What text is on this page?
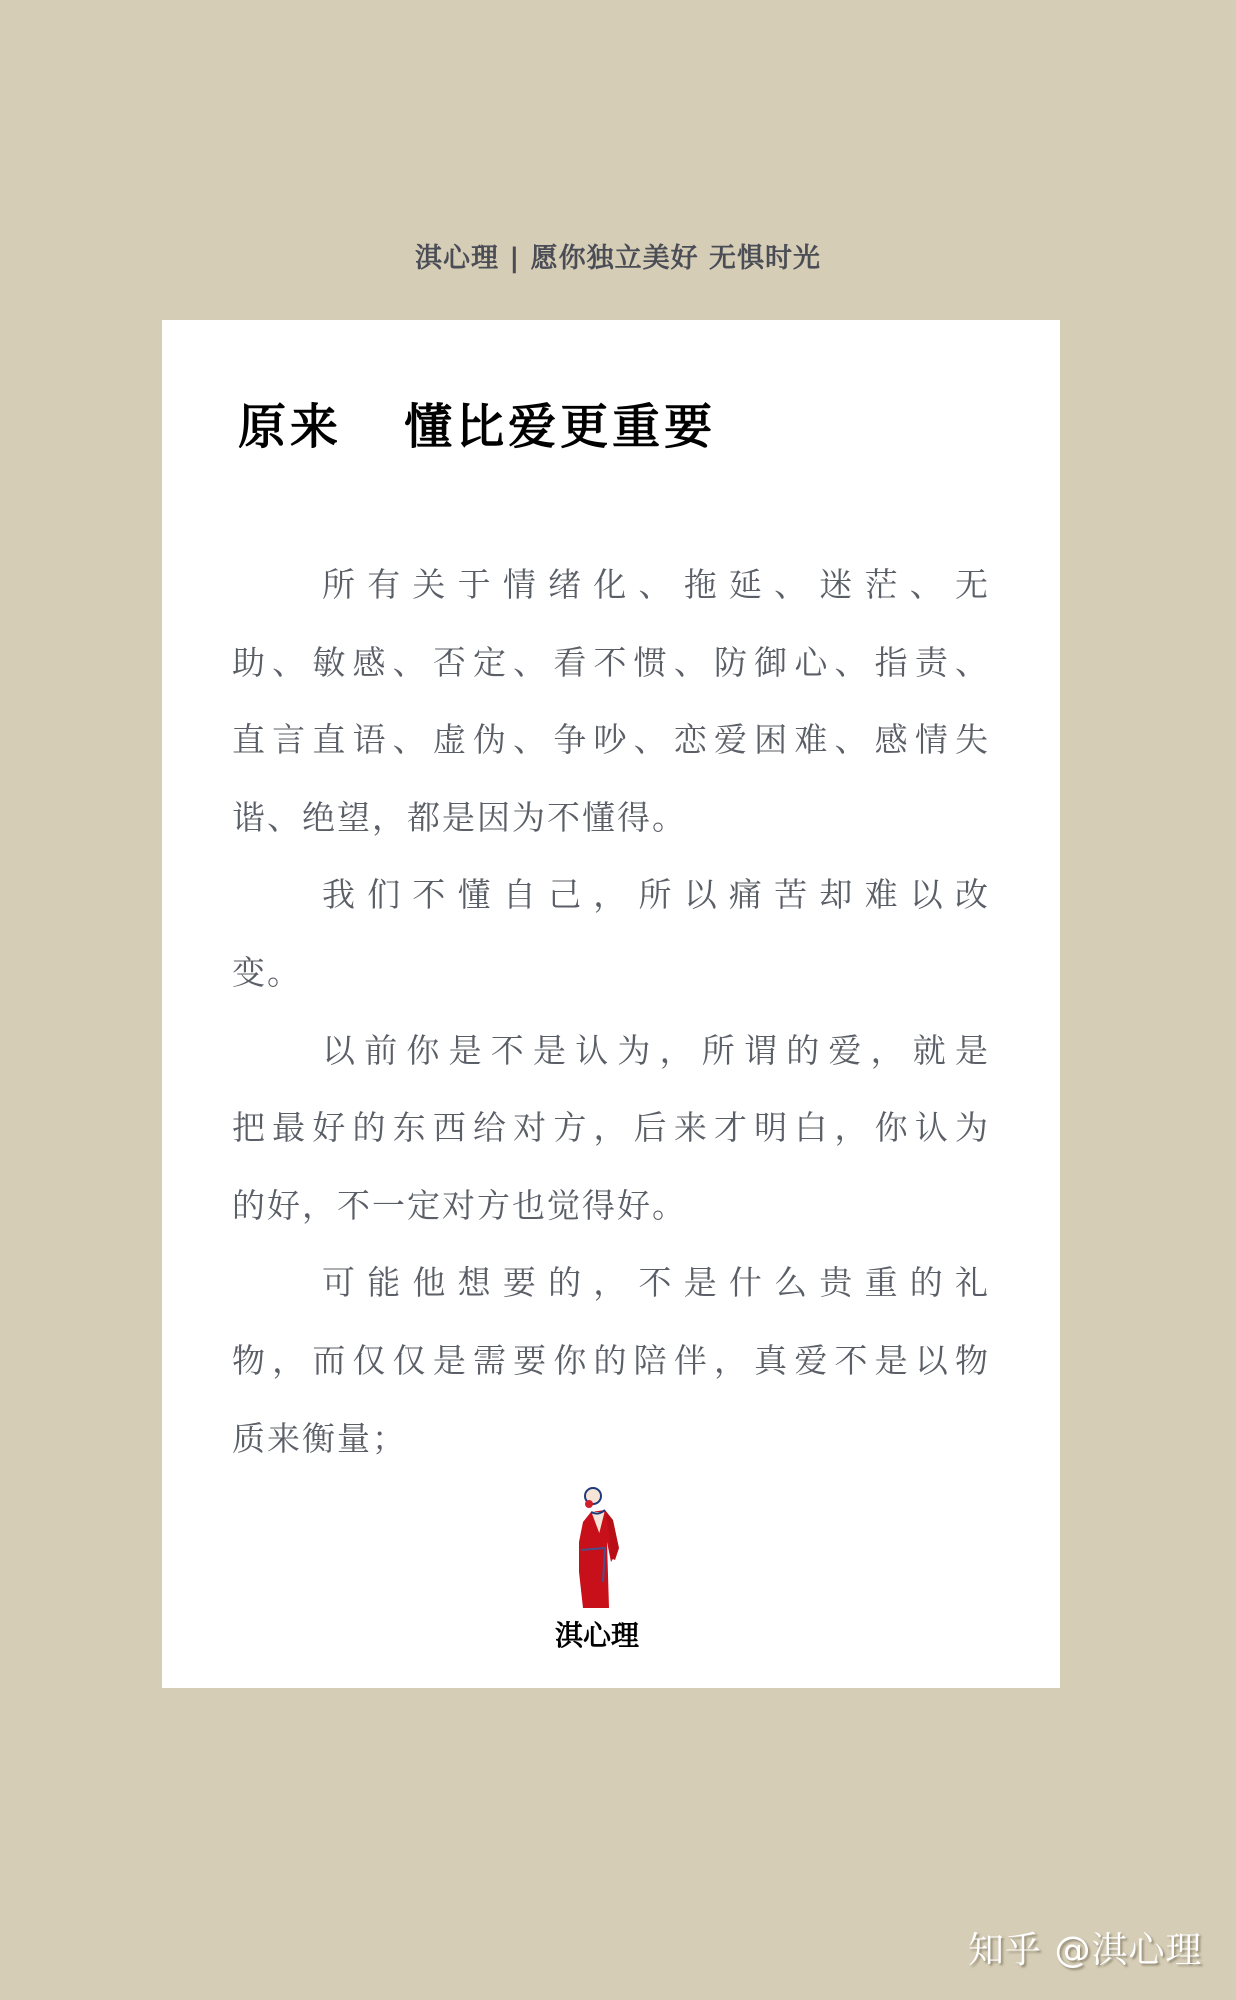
淇心理 | 愿你独立美好 无惧时光
原来   懂比爱更重要
所有关于情绪化、拖延、迷茫、无
助、敏感、否定、看不惯、防御心、指责、
直言直语、虚伪、争吵、恋爱困难、感情失
谐、绝望，都是因为不懂得。
我们不懂自己，所以痛苦却难以改
变。
以前你是不是认为，所谓的爱，就是
把最好的东西给对方，后来才明白，你认为
的好，不一定对方也觉得好。
可能他想要的，不是什么贵重的礼
物，而仅仅是需要你的陪伴，真爱不是以物
质来衡量；
淇心理
知乎 @淇心理
